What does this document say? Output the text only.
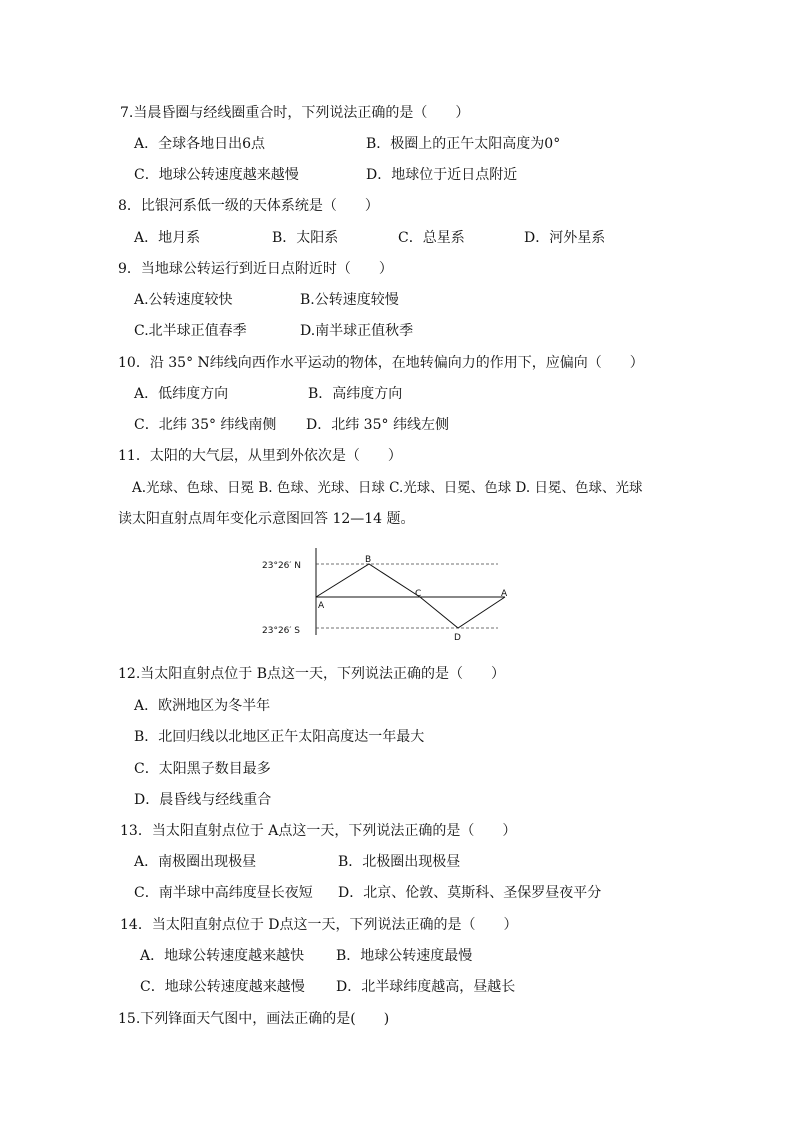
7.当晨昏圈与经线圈重合时，下列说法正确的是（　　）
A．全球各地日出6点	B．极圈上的正午太阳高度为0°
C．地球公转速度越来越慢	D．地球位于近日点附近
8．比银河系低一级的天体系统是（　　）
A．地月系	B．太阳系	C．总星系	D．河外星系
9．当地球公转运行到近日点附近时（　　）
A.公转速度较快	B.公转速度较慢
C.北半球正值春季	D.南半球正值秋季
10．沿 35° N纬线向西作水平运动的物体，在地转偏向力的作用下，应偏向（　　）
A．低纬度方向	B．高纬度方向
C．北纬 35° 纬线南侧 D．北纬 35° 纬线左侧
11．太阳的大气层，从里到外依次是（　　）
A.光球、色球、日冕 B. 色球、光球、日球 C.光球、日冕、色球 D. 日冕、色球、光球
读太阳直射点周年变化示意图回答 12—14 题。
23°26′ N
23°26′ S
A
B
C
D
A
12.当太阳直射点位于 B点这一天，下列说法正确的是（　　）
A．欧洲地区为冬半年
B．北回归线以北地区正午太阳高度达一年最大
C．太阳黑子数目最多
D．晨昏线与经线重合
13．当太阳直射点位于 A点这一天，下列说法正确的是（　　）
A．南极圈出现极昼	B．北极圈出现极昼
C．南半球中高纬度昼长夜短 D．北京、伦敦、莫斯科、圣保罗昼夜平分
14．当太阳直射点位于 D点这一天，下列说法正确的是（　　）
A．地球公转速度越来越快 B．地球公转速度最慢
C．地球公转速度越来越慢 D．北半球纬度越高，昼越长
15.下列锋面天气图中，画法正确的是(　　)
